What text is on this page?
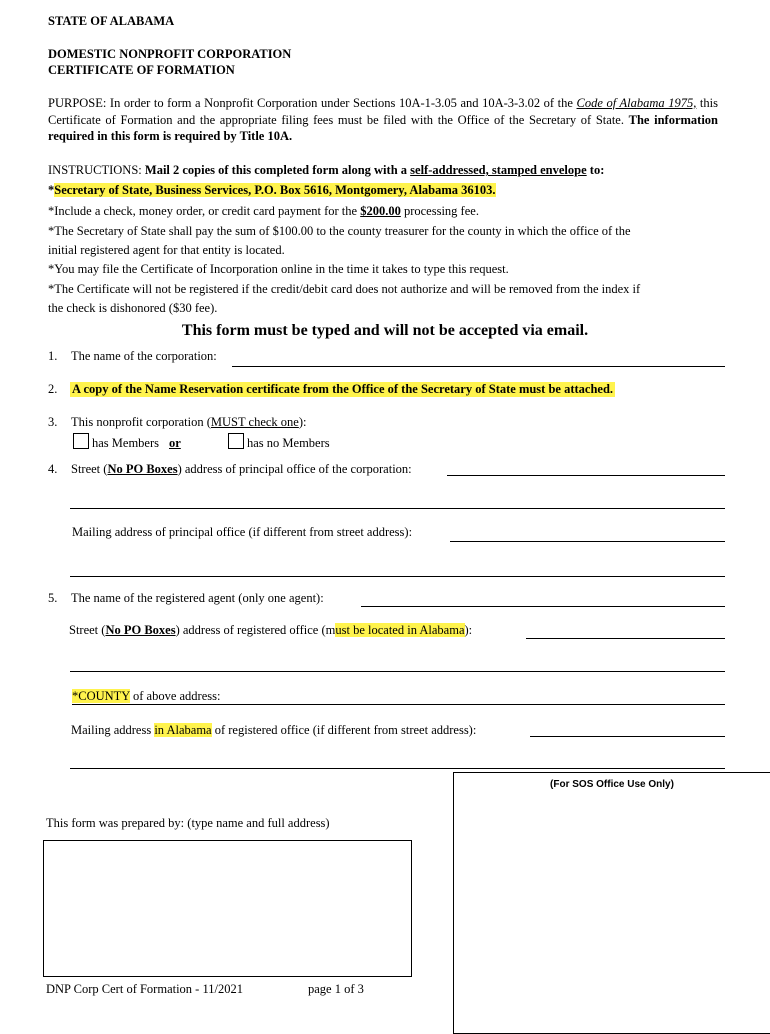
STATE OF ALABAMA
DOMESTIC NONPROFIT CORPORATION
CERTIFICATE OF FORMATION
PURPOSE: In order to form a Nonprofit Corporation under Sections 10A-1-3.05 and 10A-3-3.02 of the Code of Alabama 1975, this Certificate of Formation and the appropriate filing fees must be filed with the Office of the Secretary of State. The information required in this form is required by Title 10A.
INSTRUCTIONS: Mail 2 copies of this completed form along with a self-addressed, stamped envelope to:
*Secretary of State, Business Services, P.O. Box 5616, Montgomery, Alabama 36103.
*Include a check, money order, or credit card payment for the $200.00 processing fee.
*The Secretary of State shall pay the sum of $100.00 to the county treasurer for the county in which the office of the
initial registered agent for that entity is located.
*You may file the Certificate of Incorporation online in the time it takes to type this request.
*The Certificate will not be registered if the credit/debit card does not authorize and will be removed from the index if
the check is dishonored ($30 fee).
This form must be typed and will not be accepted via email.
1. The name of the corporation:
2. A copy of the Name Reservation certificate from the Office of the Secretary of State must be attached.
3. This nonprofit corporation (MUST check one):
has Members or	has no Members
4. Street (No PO Boxes) address of principal office of the corporation:
Mailing address of principal office (if different from street address):
5. The name of the registered agent (only one agent):
Street (No PO Boxes) address of registered office (must be located in Alabama):
*COUNTY of above address:
Mailing address in Alabama of registered office (if different from street address):
(For SOS Office Use Only)
This form was prepared by: (type name and full address)
DNP Corp Cert of Formation - 11/2021	page 1 of 3
